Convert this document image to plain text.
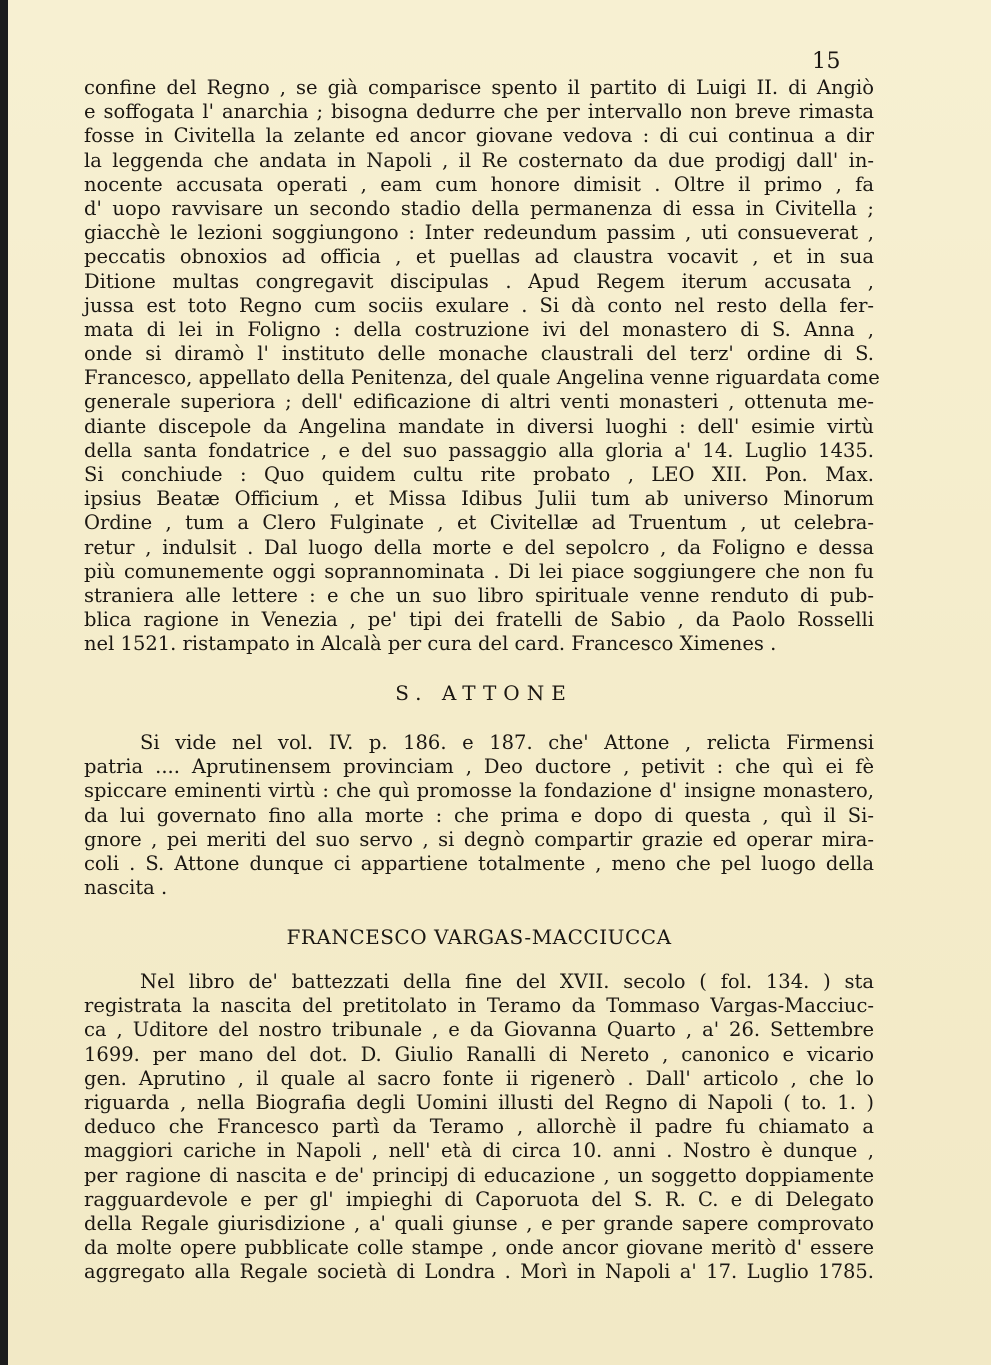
15
confine del Regno , se già comparisce spento il partito di Luigi II. di Angiò
e soffogata l' anarchia ; bisogna dedurre che per intervallo non breve rimasta
fosse in Civitella la zelante ed ancor giovane vedova : di cui continua a dir
la leggenda che andata in Napoli , il Re costernato da due prodigj dall' in-
nocente accusata operati , eam cum honore dimisit . Oltre il primo , fa
d' uopo ravvisare un secondo stadio della permanenza di essa in Civitella ;
giacchè le lezioni soggiungono : Inter redeundum passim , uti consueverat ,
peccatis obnoxios ad officia , et puellas ad claustra vocavit , et in sua
Ditione multas congregavit discipulas . Apud Regem iterum accusata ,
jussa est toto Regno cum sociis exulare . Si dà conto nel resto della fer-
mata di lei in Foligno : della costruzione ivi del monastero di S. Anna ,
onde si diramò l' instituto delle monache claustrali del terz' ordine di S.
Francesco, appellato della Penitenza, del quale Angelina venne riguardata come
generale superiora ; dell' edificazione di altri venti monasteri , ottenuta me-
diante discepole da Angelina mandate in diversi luoghi : dell' esimie virtù
della santa fondatrice , e del suo passaggio alla gloria a' 14. Luglio 1435.
Si conchiude : Quo quidem cultu rite probato , LEO XII. Pon. Max.
ipsius Beatæ Officium , et Missa Idibus Julii tum ab universo Minorum
Ordine , tum a Clero Fulginate , et Civitellæ ad Truentum , ut celebra-
retur , indulsit . Dal luogo della morte e del sepolcro , da Foligno e dessa
più comunemente oggi soprannominata . Di lei piace soggiungere che non fu
straniera alle lettere : e che un suo libro spirituale venne renduto di pub-
blica ragione in Venezia , pe' tipi dei fratelli de Sabio , da Paolo Rosselli
nel 1521. ristampato in Alcalà per cura del card. Francesco Ximenes .
S. ATTONE
Si vide nel vol. IV. p. 186. e 187. che' Attone , relicta Firmensi
patria .... Aprutinensem provinciam , Deo ductore , petivit : che quì ei fè
spiccare eminenti virtù : che quì promosse la fondazione d' insigne monastero,
da lui governato fino alla morte : che prima e dopo di questa , quì il Si-
gnore , pei meriti del suo servo , si degnò compartir grazie ed operar mira-
coli . S. Attone dunque ci appartiene totalmente , meno che pel luogo della
nascita .
FRANCESCO VARGAS-MACCIUCCA
Nel libro de' battezzati della fine del XVII. secolo ( fol. 134. ) sta
registrata la nascita del pretitolato in Teramo da Tommaso Vargas-Macciuc-
ca , Uditore del nostro tribunale , e da Giovanna Quarto , a' 26. Settembre
1699. per mano del dot. D. Giulio Ranalli di Nereto , canonico e vicario
gen. Aprutino , il quale al sacro fonte ii rigenerò . Dall' articolo , che lo
riguarda , nella Biografia degli Uomini illusti del Regno di Napoli ( to. 1. )
deduco che Francesco partì da Teramo , allorchè il padre fu chiamato a
maggiori cariche in Napoli , nell' età di circa 10. anni . Nostro è dunque ,
per ragione di nascita e de' principj di educazione , un soggetto doppiamente
ragguardevole e per gl' impieghi di Caporuota del S. R. C. e di Delegato
della Regale giurisdizione , a' quali giunse , e per grande sapere comprovato
da molte opere pubblicate colle stampe , onde ancor giovane meritò d' essere
aggregato alla Regale società di Londra . Morì in Napoli a' 17. Luglio 1785.
